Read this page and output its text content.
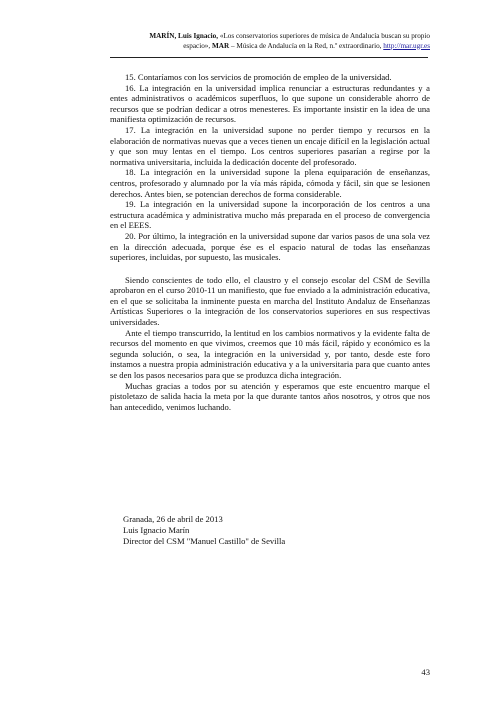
MARÍN, Luis Ignacio, «Los conservatorios superiores de música de Andalucía buscan su propio
espacio», MAR – Música de Andalucía en la Red, n.º extraordinario, http://mar.ugr.es

15. Contaríamos con los servicios de promoción de empleo de la universidad.

16. La integración en la universidad implica renunciar a estructuras redundantes y a entes administrativos o académicos superfluos, lo que supone un considerable ahorro de recursos que se podrían dedicar a otros menesteres. Es importante insistir en la idea de una manifiesta optimización de recursos.

17. La integración en la universidad supone no perder tiempo y recursos en la elaboración de normativas nuevas que a veces tienen un encaje difícil en la legislación actual y que son muy lentas en el tiempo. Los centros superiores pasarían a regirse por la normativa universitaria, incluida la dedicación docente del profesorado.

18. La integración en la universidad supone la plena equiparación de enseñanzas, centros, profesorado y alumnado por la vía más rápida, cómoda y fácil, sin que se lesionen derechos. Antes bien, se potencian derechos de forma considerable.

19. La integración en la universidad supone la incorporación de los centros a una estructura académica y administrativa mucho más preparada en el proceso de convergencia en el EEES.

20. Por último, la integración en la universidad supone dar varios pasos de una sola vez en la dirección adecuada, porque ése es el espacio natural de todas las enseñanzas superiores, incluidas, por supuesto, las musicales.

Siendo conscientes de todo ello, el claustro y el consejo escolar del CSM de Sevilla aprobaron en el curso 2010-11 un manifiesto, que fue enviado a la administración educativa, en el que se solicitaba la inminente puesta en marcha del Instituto Andaluz de Enseñanzas Artísticas Superiores o la integración de los conservatorios superiores en sus respectivas universidades.

Ante el tiempo transcurrido, la lentitud en los cambios normativos y la evidente falta de recursos del momento en que vivimos, creemos que 10 más fácil, rápido y económico es la segunda solución, o sea, la integración en la universidad y, por tanto, desde este foro instamos a nuestra propia administración educativa y a la universitaria para que cuanto antes se den los pasos necesarios para que se produzca dicha integración.

Muchas gracias a todos por su atención y esperamos que este encuentro marque el pistoletazo de salida hacia la meta por la que durante tantos años nosotros, y otros que nos han antecedido, venimos luchando.

Granada, 26 de abril de 2013
Luis Ignacio Marín
Director del CSM "Manuel Castillo" de Sevilla
43
